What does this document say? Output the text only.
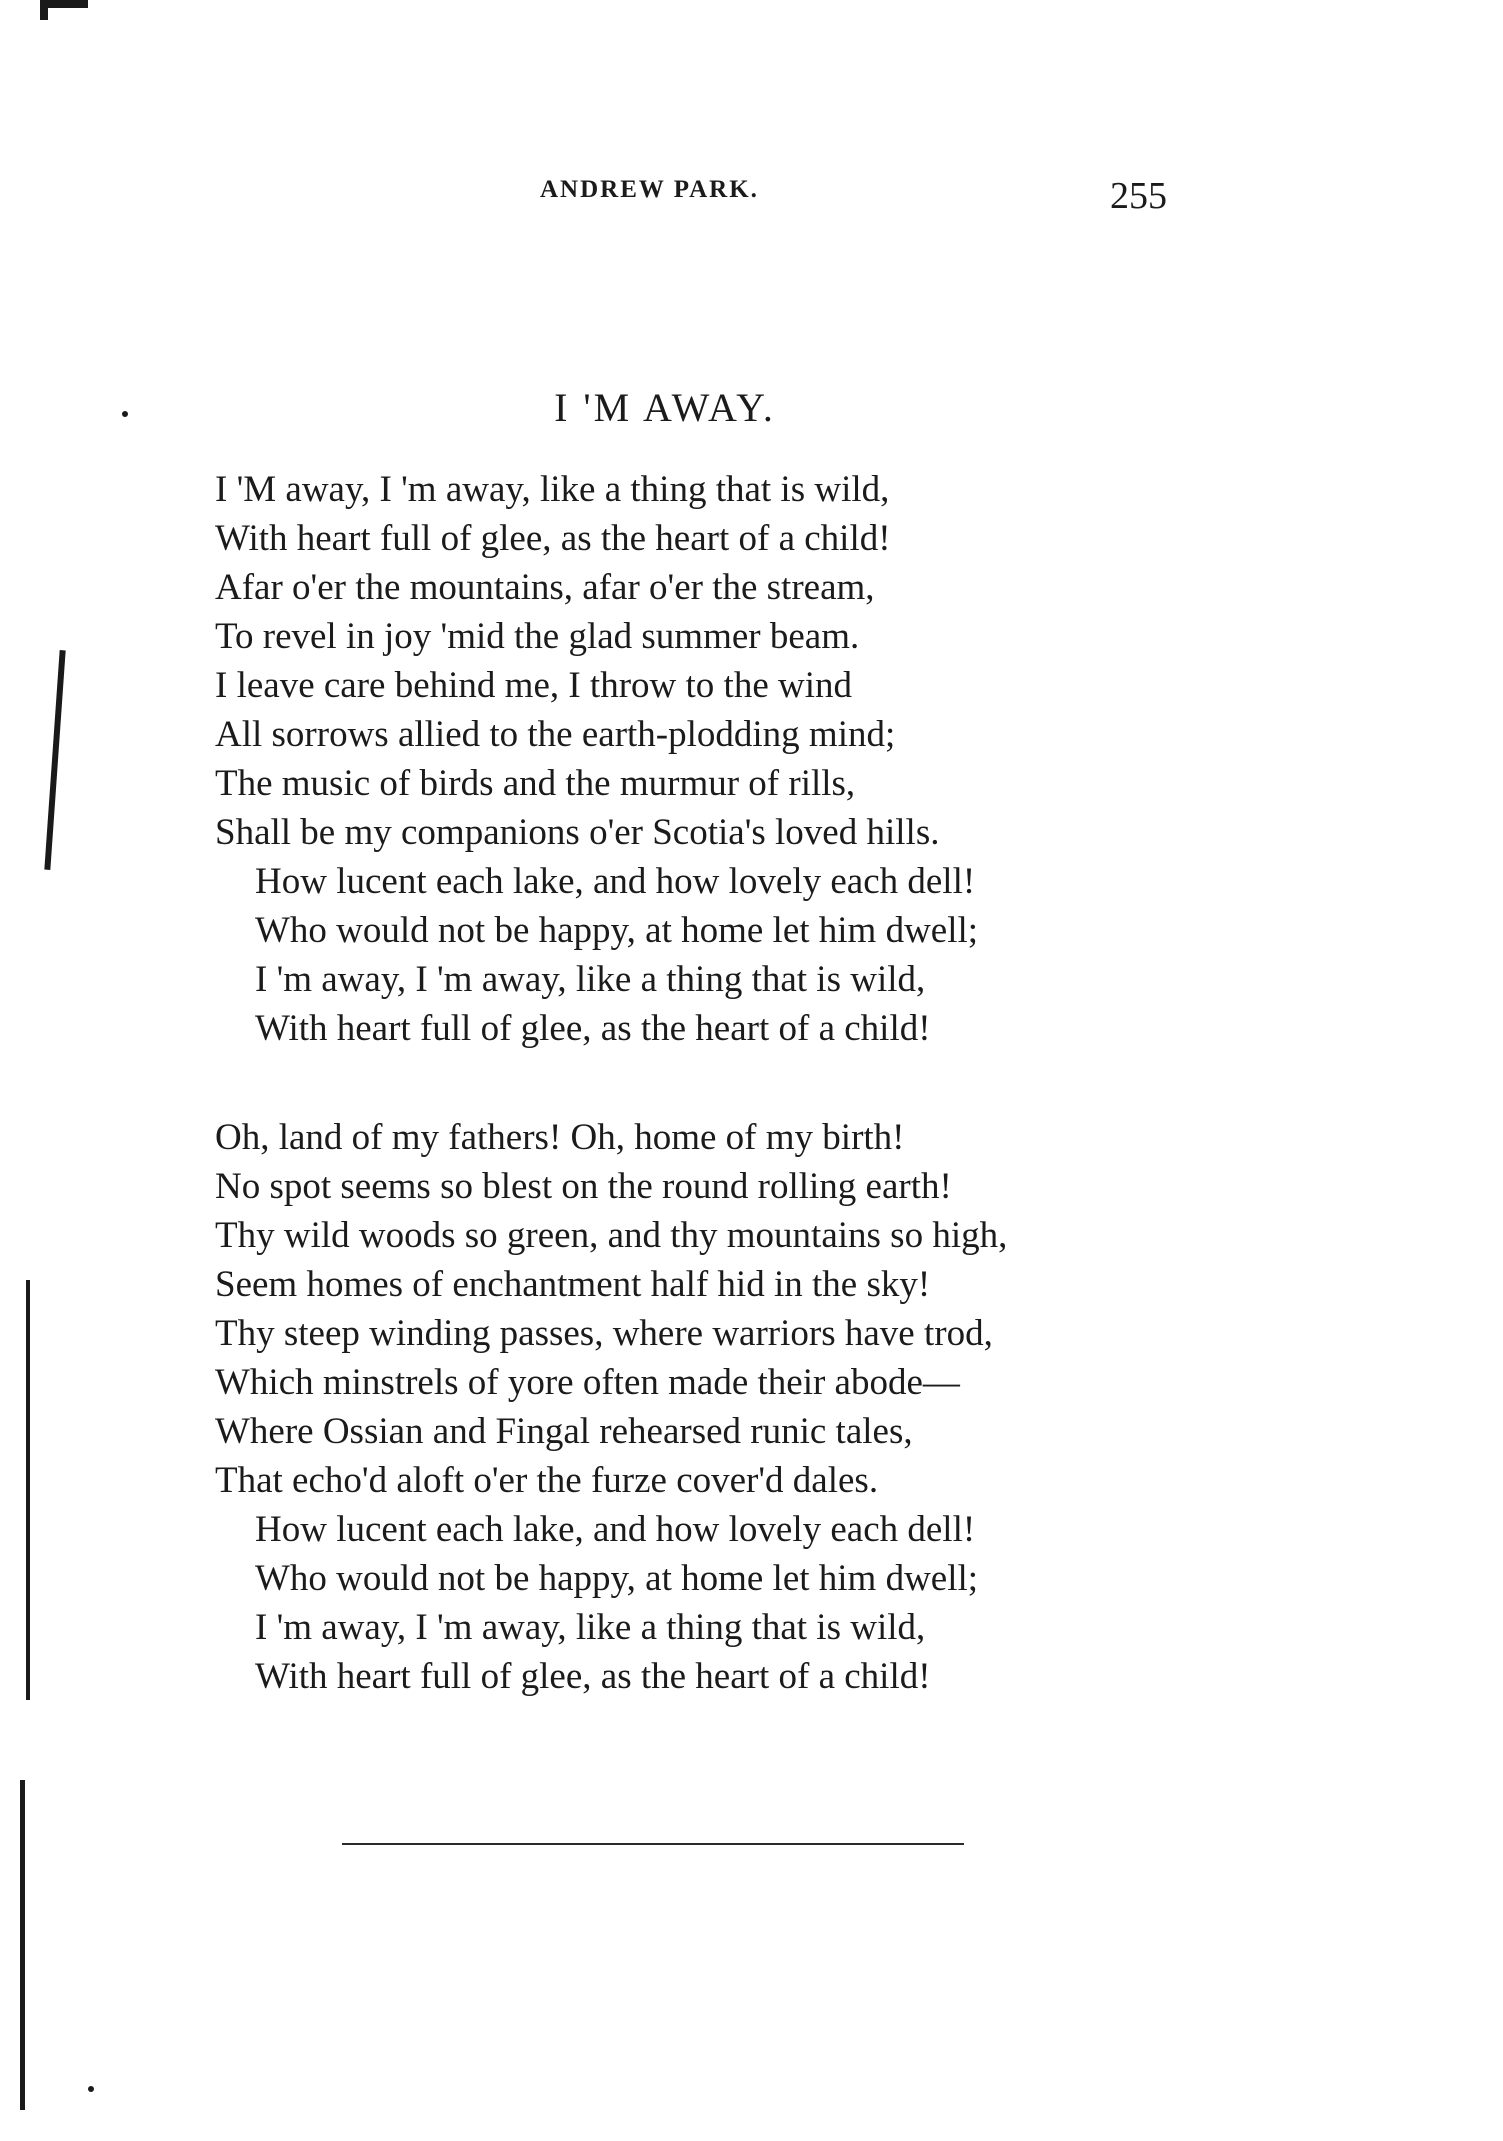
ANDREW PARK.	255
I 'M AWAY.
I 'M away, I 'm away, like a thing that is wild,
With heart full of glee, as the heart of a child!
Afar o'er the mountains, afar o'er the stream,
To revel in joy 'mid the glad summer beam.
I leave care behind me, I throw to the wind
All sorrows allied to the earth-plodding mind;
The music of birds and the murmur of rills,
Shall be my companions o'er Scotia's loved hills.
How lucent each lake, and how lovely each dell!
Who would not be happy, at home let him dwell;
I 'm away, I 'm away, like a thing that is wild,
With heart full of glee, as the heart of a child!
Oh, land of my fathers! Oh, home of my birth!
No spot seems so blest on the round rolling earth!
Thy wild woods so green, and thy mountains so high,
Seem homes of enchantment half hid in the sky!
Thy steep winding passes, where warriors have trod,
Which minstrels of yore often made their abode—
Where Ossian and Fingal rehearsed runic tales,
That echo'd aloft o'er the furze cover'd dales.
How lucent each lake, and how lovely each dell!
Who would not be happy, at home let him dwell;
I 'm away, I 'm away, like a thing that is wild,
With heart full of glee, as the heart of a child!
